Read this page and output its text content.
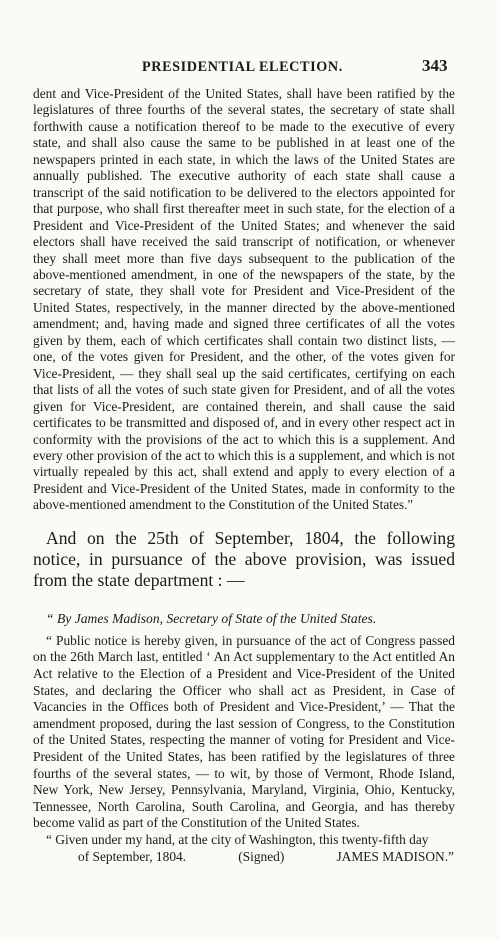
PRESIDENTIAL ELECTION.	343

dent and Vice-President of the United States, shall have been ratified by the legislatures of three fourths of the several states, the secretary of state shall forthwith cause a notification thereof to be made to the executive of every state, and shall also cause the same to be published in at least one of the newspapers printed in each state, in which the laws of the United States are annually published. The executive authority of each state shall cause a transcript of the said notification to be delivered to the electors appointed for that purpose, who shall first thereafter meet in such state, for the election of a President and Vice-President of the United States; and whenever the said electors shall have received the said transcript of notification, or whenever they shall meet more than five days subsequent to the publication of the above-mentioned amendment, in one of the newspapers of the state, by the secretary of state, they shall vote for President and Vice-President of the United States, respectively, in the manner directed by the above-mentioned amendment; and, having made and signed three certificates of all the votes given by them, each of which certificates shall contain two distinct lists, — one, of the votes given for President, and the other, of the votes given for Vice-President, — they shall seal up the said certificates, certifying on each that lists of all the votes of such state given for President, and of all the votes given for Vice-President, are contained therein, and shall cause the said certificates to be transmitted and disposed of, and in every other respect act in conformity with the provisions of the act to which this is a supplement. And every other provision of the act to which this is a supplement, and which is not virtually repealed by this act, shall extend and apply to every election of a President and Vice-President of the United States, made in conformity to the above-mentioned amendment to the Constitution of the United States."

And on the 25th of September, 1804, the following notice, in pursuance of the above provision, was issued from the state department : —

“ By James Madison, Secretary of State of the United States.

“ Public notice is hereby given, in pursuance of the act of Congress passed on the 26th March last, entitled ‘ An Act supplementary to the Act entitled An Act relative to the Election of a President and Vice-President of the United States, and declaring the Officer who shall act as President, in Case of Vacancies in the Offices both of President and Vice-President,’ — That the amendment proposed, during the last session of Congress, to the Constitution of the United States, respecting the manner of voting for President and Vice-President of the United States, has been ratified by the legislatures of three fourths of the several states, — to wit, by those of Vermont, Rhode Island, New York, New Jersey, Pennsylvania, Maryland, Virginia, Ohio, Kentucky, Tennessee, North Carolina, South Carolina, and Georgia, and has thereby become valid as part of the Constitution of the United States.

“ Given under my hand, at the city of Washington, this twenty-fifth day

of September, 1804.	(Signed)	JAMES MADISON.”
